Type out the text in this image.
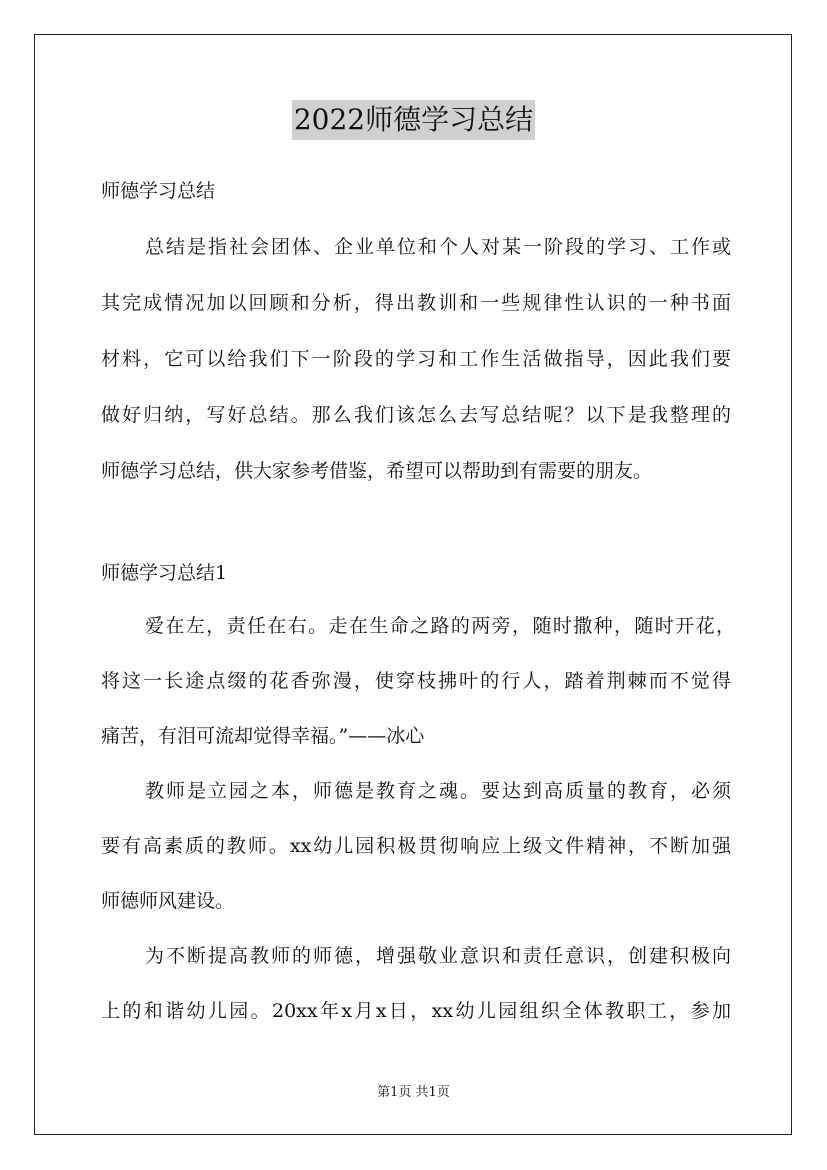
2022师德学习总结
师德学习总结
总结是指社会团体、企业单位和个人对某一阶段的学习、工作或
其完成情况加以回顾和分析，得出教训和一些规律性认识的一种书面
材料，它可以给我们下一阶段的学习和工作生活做指导，因此我们要
做好归纳，写好总结。那么我们该怎么去写总结呢？以下是我整理的
师德学习总结，供大家参考借鉴，希望可以帮助到有需要的朋友。
师德学习总结1
爱在左，责任在右。走在生命之路的两旁，随时撒种，随时开花，
将这一长途点缀的花香弥漫，使穿枝拂叶的行人，踏着荆棘而不觉得
痛苦，有泪可流却觉得幸福。”——冰心
教师是立园之本，师德是教育之魂。要达到高质量的教育，必须
要有高素质的教师。xx幼儿园积极贯彻响应上级文件精神，不断加强
师德师风建设。
为不断提高教师的师德，增强敬业意识和责任意识，创建积极向
上的和谐幼儿园。20xx年x月x日，xx幼儿园组织全体教职工，参加
第1页 共1页
